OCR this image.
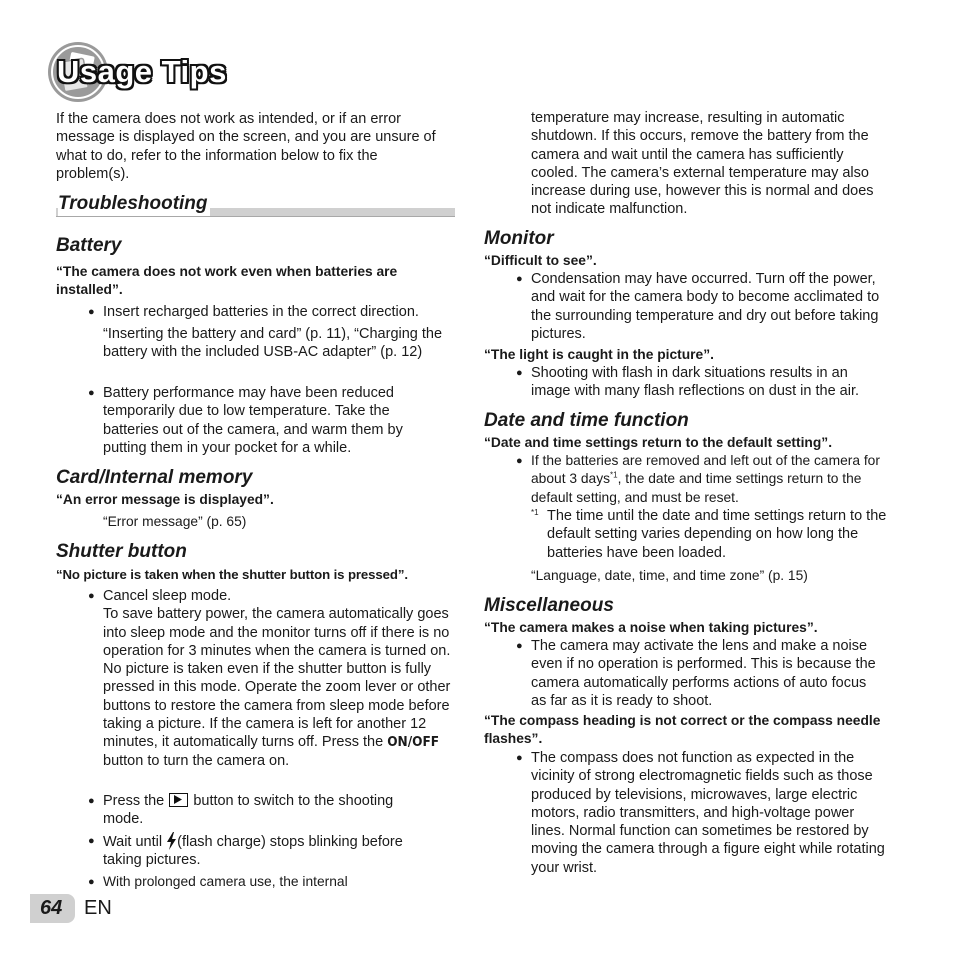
Usage Tips
If the camera does not work as intended, or if an error message is displayed on the screen, and you are unsure of what to do, refer to the information below to fix the problem(s).
Troubleshooting
Battery
“The camera does not work even when batteries are installed”.
● Insert recharged batteries in the correct direction.
“Inserting the battery and card” (p. 11), “Charging the battery with the included USB-AC adapter” (p. 12)
● Battery performance may have been reduced temporarily due to low temperature. Take the batteries out of the camera, and warm them by putting them in your pocket for a while.
Card/Internal memory
“An error message is displayed”.
“Error message” (p. 65)
Shutter button
“No picture is taken when the shutter button is pressed”.
● Cancel sleep mode.
To save battery power, the camera automatically goes into sleep mode and the monitor turns off if there is no operation for 3 minutes when the camera is turned on. No picture is taken even if the shutter button is fully pressed in this mode. Operate the zoom lever or other buttons to restore the camera from sleep mode before taking a picture. If the camera is left for another 12 minutes, it automatically turns off. Press the ON/OFF button to turn the camera on.
● Press the button to switch to the shooting mode.
● Wait until (flash charge) stops blinking before taking pictures.
● With prolonged camera use, the internal
temperature may increase, resulting in automatic shutdown. If this occurs, remove the battery from the camera and wait until the camera has sufficiently cooled. The camera’s external temperature may also increase during use, however this is normal and does not indicate malfunction.
Monitor
“Difficult to see”.
● Condensation may have occurred. Turn off the power, and wait for the camera body to become acclimated to the surrounding temperature and dry out before taking pictures.
“The light is caught in the picture”.
● Shooting with flash in dark situations results in an image with many flash reflections on dust in the air.
Date and time function
“Date and time settings return to the default setting”.
● If the batteries are removed and left out of the camera for about 3 days$^{*1}$, the date and time settings return to the default setting, and must be reset.
*1 The time until the date and time settings return to the default setting varies depending on how long the batteries have been loaded.
“Language, date, time, and time zone” (p. 15)
Miscellaneous
“The camera makes a noise when taking pictures”.
● The camera may activate the lens and make a noise even if no operation is performed. This is because the camera automatically performs actions of auto focus as far as it is ready to shoot.
“The compass heading is not correct or the compass needle flashes”.
● The compass does not function as expected in the vicinity of strong electromagnetic fields such as those produced by televisions, microwaves, large electric motors, radio transmitters, and high-voltage power lines. Normal function can sometimes be restored by moving the camera through a figure eight while rotating your wrist.
64 EN
